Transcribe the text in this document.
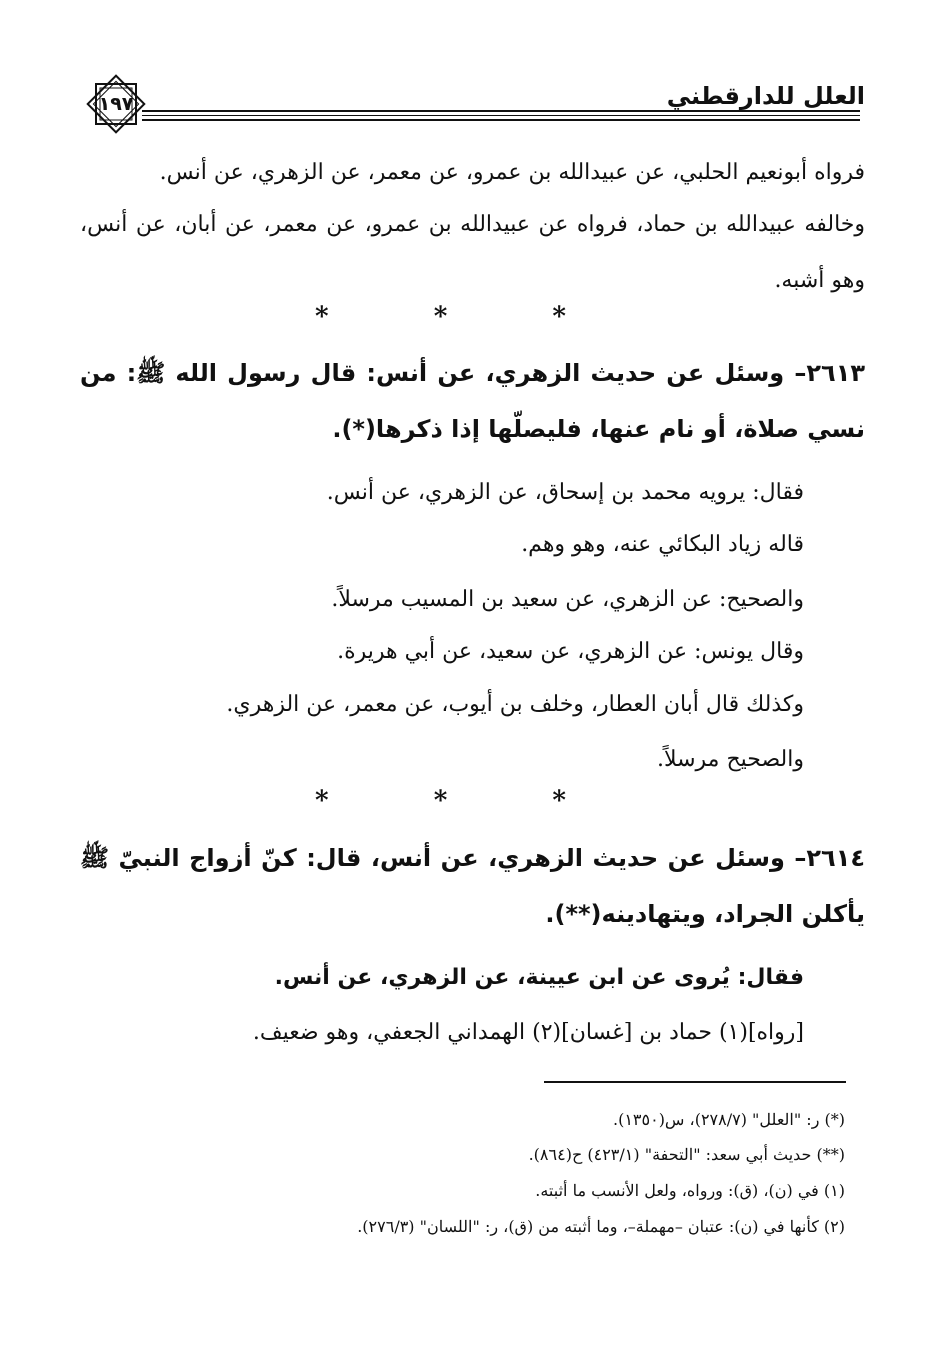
العلل للدارقطني
١٩٧
فرواه أبونعيم الحلبي، عن عبيدالله بن عمرو، عن معمر، عن الزهري، عن أنس.
وخالفه عبيدالله بن حماد، فرواه عن عبيدالله بن عمرو، عن معمر، عن أبان، عن أنس، وهو أشبه.
* * *
٢٦١٣– وسئل عن حديث الزهري، عن أنس: قال رسول الله ﷺ: من نسي صلاة، أو نام عنها، فليصلّها إذا ذكرها(*).
فقال: يرويه محمد بن إسحاق، عن الزهري، عن أنس.
قاله زياد البكائي عنه، وهو وهم.
والصحيح: عن الزهري، عن سعيد بن المسيب مرسلاً.
وقال يونس: عن الزهري، عن سعيد، عن أبي هريرة.
وكذلك قال أبان العطار، وخلف بن أيوب، عن معمر، عن الزهري.
والصحيح مرسلاً.
* * *
٢٦١٤– وسئل عن حديث الزهري، عن أنس، قال: كنّ أزواج النبيّ ﷺ يأكلن الجراد، ويتهادينه(**).
فقال: يُروى عن ابن عيينة، عن الزهري، عن أنس.
[رواه](١) حماد بن [غسان](٢) الهمداني الجعفي، وهو ضعيف.
(*) ر: "العلل" (٢٧٨/٧)، س(١٣٥٠).
(**) حديث أبي سعد: "التحفة" (٤٢٣/١) ح(٨٦٤).
(١) في (ن)، (ق): ورواه، ولعل الأنسب ما أثبته.
(٢) كأنها في (ن): عتبان –مهملة–، وما أثبته من (ق)، ر: "اللسان" (٢٧٦/٣).
